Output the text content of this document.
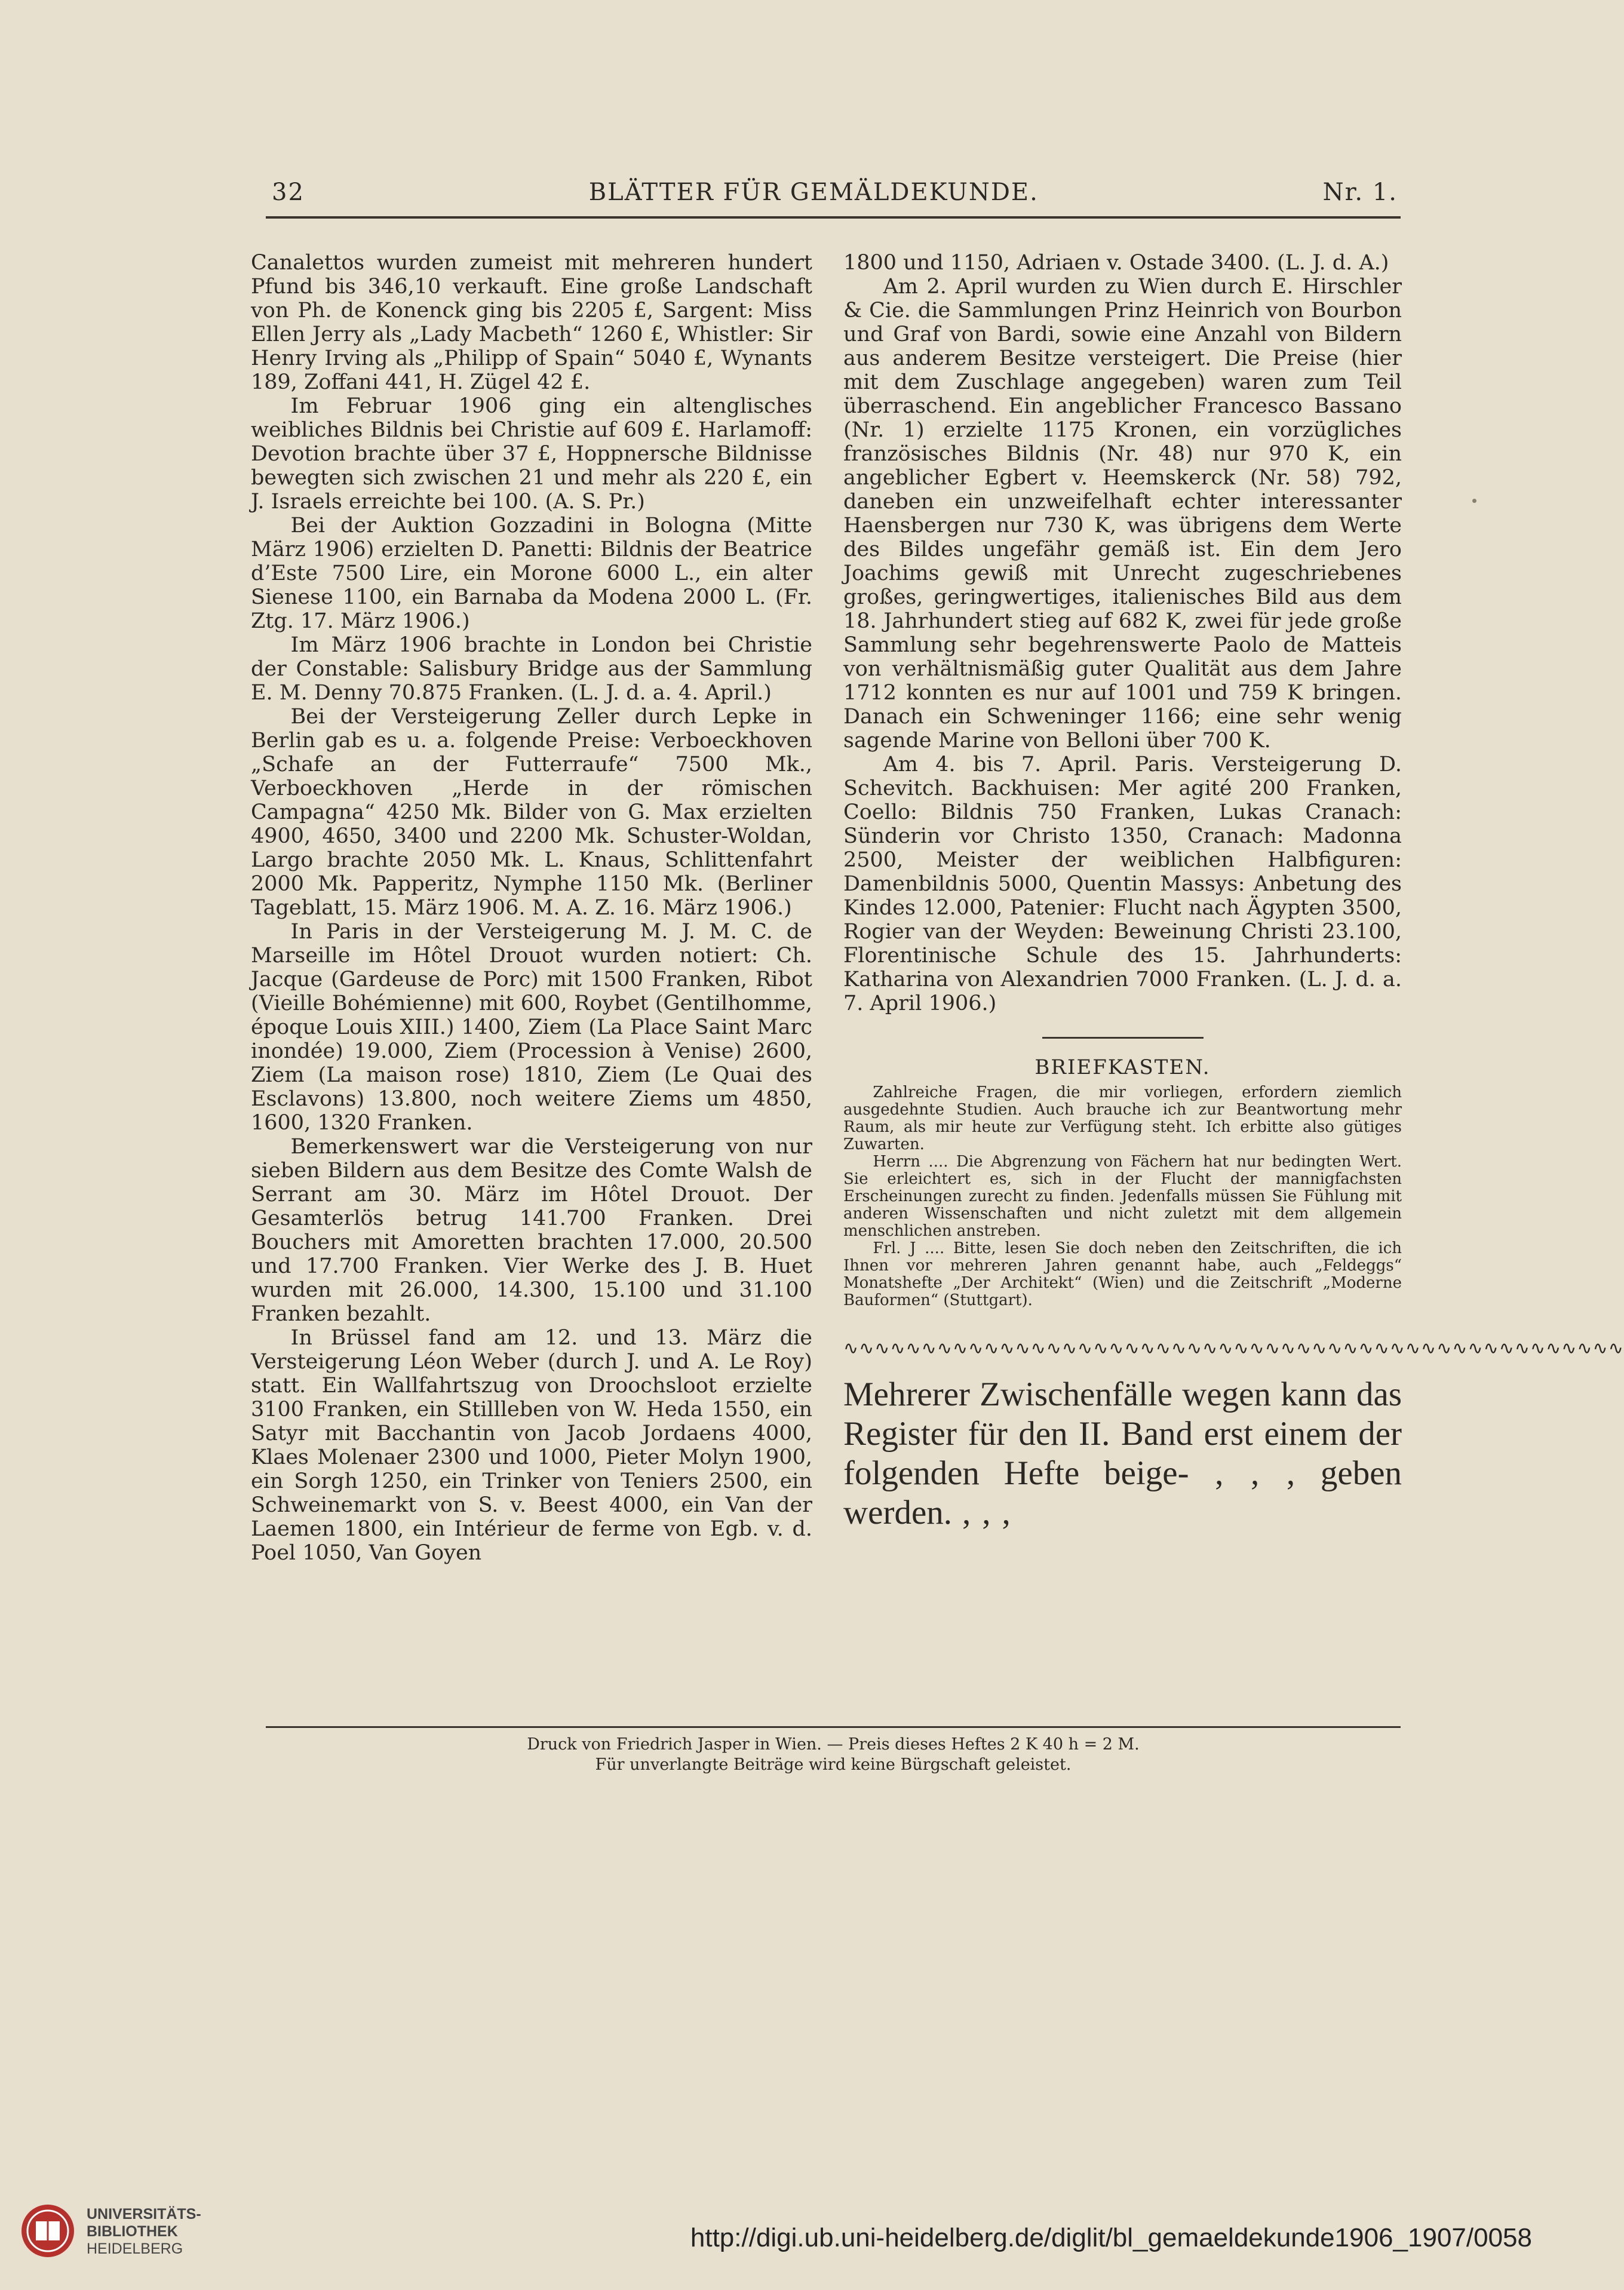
32	BLÄTTER FÜR GEMÄLDEKUNDE.	Nr. 1.

Canalettos wurden zumeist mit mehreren hundert Pfund bis 346,10 verkauft. Eine große Landschaft von Ph. de Konenck ging bis 2205 £, Sargent: Miss Ellen Jerry als „Lady Macbeth“ 1260 £, Whistler: Sir Henry Irving als „Philipp of Spain“ 5040 £, Wynants 189, Zoffani 441, H. Zügel 42 £.

Im Februar 1906 ging ein altenglisches weibliches Bildnis bei Christie auf 609 £. Harlamoff: Devotion brachte über 37 £, Hoppnersche Bildnisse bewegten sich zwischen 21 und mehr als 220 £, ein J. Israels erreichte bei 100. (A. S. Pr.)

Bei der Auktion Gozzadini in Bologna (Mitte März 1906) erzielten D. Panetti: Bildnis der Beatrice d’Este 7500 Lire, ein Morone 6000 L., ein alter Sienese 1100, ein Barnaba da Modena 2000 L. (Fr. Ztg. 17. März 1906.)

Im März 1906 brachte in London bei Christie der Constable: Salisbury Bridge aus der Sammlung E. M. Denny 70.875 Franken. (L. J. d. a. 4. April.)

Bei der Versteigerung Zeller durch Lepke in Berlin gab es u. a. folgende Preise: Verboeckhoven „Schafe an der Futterraufe“ 7500 Mk., Verboeckhoven „Herde in der römischen Campagna“ 4250 Mk. Bilder von G. Max erzielten 4900, 4650, 3400 und 2200 Mk. Schuster-Woldan, Largo brachte 2050 Mk. L. Knaus, Schlittenfahrt 2000 Mk. Papperitz, Nymphe 1150 Mk. (Berliner Tageblatt, 15. März 1906. M. A. Z. 16. März 1906.)

In Paris in der Versteigerung M. J. M. C. de Marseille im Hôtel Drouot wurden notiert: Ch. Jacque (Gardeuse de Porc) mit 1500 Franken, Ribot (Vieille Bohémienne) mit 600, Roybet (Gentilhomme, époque Louis XIII.) 1400, Ziem (La Place Saint Marc inondée) 19.000, Ziem (Procession à Venise) 2600, Ziem (La maison rose) 1810, Ziem (Le Quai des Esclavons) 13.800, noch weitere Ziems um 4850, 1600, 1320 Franken.

Bemerkenswert war die Versteigerung von nur sieben Bildern aus dem Besitze des Comte Walsh de Serrant am 30. März im Hôtel Drouot. Der Gesamterlös betrug 141.700 Franken. Drei Bouchers mit Amoretten brachten 17.000, 20.500 und 17.700 Franken. Vier Werke des J. B. Huet wurden mit 26.000, 14.300, 15.100 und 31.100 Franken bezahlt.

In Brüssel fand am 12. und 13. März die Versteigerung Léon Weber (durch J. und A. Le Roy) statt. Ein Wallfahrtszug von Droochsloot erzielte 3100 Franken, ein Stillleben von W. Heda 1550, ein Satyr mit Bacchantin von Jacob Jordaens 4000, Klaes Molenaer 2300 und 1000, Pieter Molyn 1900, ein Sorgh 1250, ein Trinker von Teniers 2500, ein Schweinemarkt von S. v. Beest 4000, ein Van der Laemen 1800, ein Intérieur de ferme von Egb. v. d. Poel 1050, Van Goyen

1800 und 1150, Adriaen v. Ostade 3400. (L. J. d. A.)

Am 2. April wurden zu Wien durch E. Hirschler & Cie. die Sammlungen Prinz Heinrich von Bourbon und Graf von Bardi, sowie eine Anzahl von Bildern aus anderem Besitze versteigert. Die Preise (hier mit dem Zuschlage angegeben) waren zum Teil überraschend. Ein angeblicher Francesco Bassano (Nr. 1) erzielte 1175 Kronen, ein vorzügliches französisches Bildnis (Nr. 48) nur 970 K, ein angeblicher Egbert v. Heemskerck (Nr. 58) 792, daneben ein unzweifelhaft echter interessanter Haensbergen nur 730 K, was übrigens dem Werte des Bildes ungefähr gemäß ist. Ein dem Jero Joachims gewiß mit Unrecht zugeschriebenes großes, geringwertiges, italienisches Bild aus dem 18. Jahrhundert stieg auf 682 K, zwei für jede große Sammlung sehr begehrenswerte Paolo de Matteis von verhältnismäßig guter Qualität aus dem Jahre 1712 konnten es nur auf 1001 und 759 K bringen. Danach ein Schweninger 1166; eine sehr wenig sagende Marine von Belloni über 700 K.

Am 4. bis 7. April. Paris. Versteigerung D. Schevitch. Backhuisen: Mer agité 200 Franken, Coello: Bildnis 750 Franken, Lukas Cranach: Sünderin vor Christo 1350, Cranach: Madonna 2500, Meister der weiblichen Halbfiguren: Damenbildnis 5000, Quentin Massys: Anbetung des Kindes 12.000, Patenier: Flucht nach Ägypten 3500, Rogier van der Weyden: Beweinung Christi 23.100, Florentinische Schule des 15. Jahrhunderts: Katharina von Alexandrien 7000 Franken. (L. J. d. a. 7. April 1906.)

BRIEFKASTEN.

Zahlreiche Fragen, die mir vorliegen, erfordern ziemlich ausgedehnte Studien. Auch brauche ich zur Beantwortung mehr Raum, als mir heute zur Verfügung steht. Ich erbitte also gütiges Zuwarten.

Herrn .... Die Abgrenzung von Fächern hat nur bedingten Wert. Sie erleichtert es, sich in der Flucht der mannigfachsten Erscheinungen zurecht zu finden. Jedenfalls müssen Sie Fühlung mit anderen Wissenschaften und nicht zuletzt mit dem allgemein menschlichen anstreben.

Frl. J .... Bitte, lesen Sie doch neben den Zeitschriften, die ich Ihnen vor mehreren Jahren genannt habe, auch „Feldeggs“ Monatshefte „Der Architekt“ (Wien) und die Zeitschrift „Moderne Bauformen“ (Stuttgart).

∿∿∿∿∿∿∿∿∿∿∿∿∿∿∿∿∿∿∿∿∿∿∿∿∿∿∿∿∿∿∿∿∿∿∿∿∿∿∿∿∿∿∿∿∿∿∿∿∿∿

Mehrerer Zwischenfälle wegen kann das Register für den II. Band erst einem der folgenden Hefte beige- ‚ ‚ ‚ geben werden. ‚ ‚ ‚

Druck von Friedrich Jasper in Wien. — Preis dieses Heftes 2 K 40 h = 2 M.
Für unverlangte Beiträge wird keine Bürgschaft geleistet.
UNIVERSITÄTS-
BIBLIOTHEK
HEIDELBERG	http://digi.ub.uni-heidelberg.de/diglit/bl_gemaeldekunde1906_1907/0058
